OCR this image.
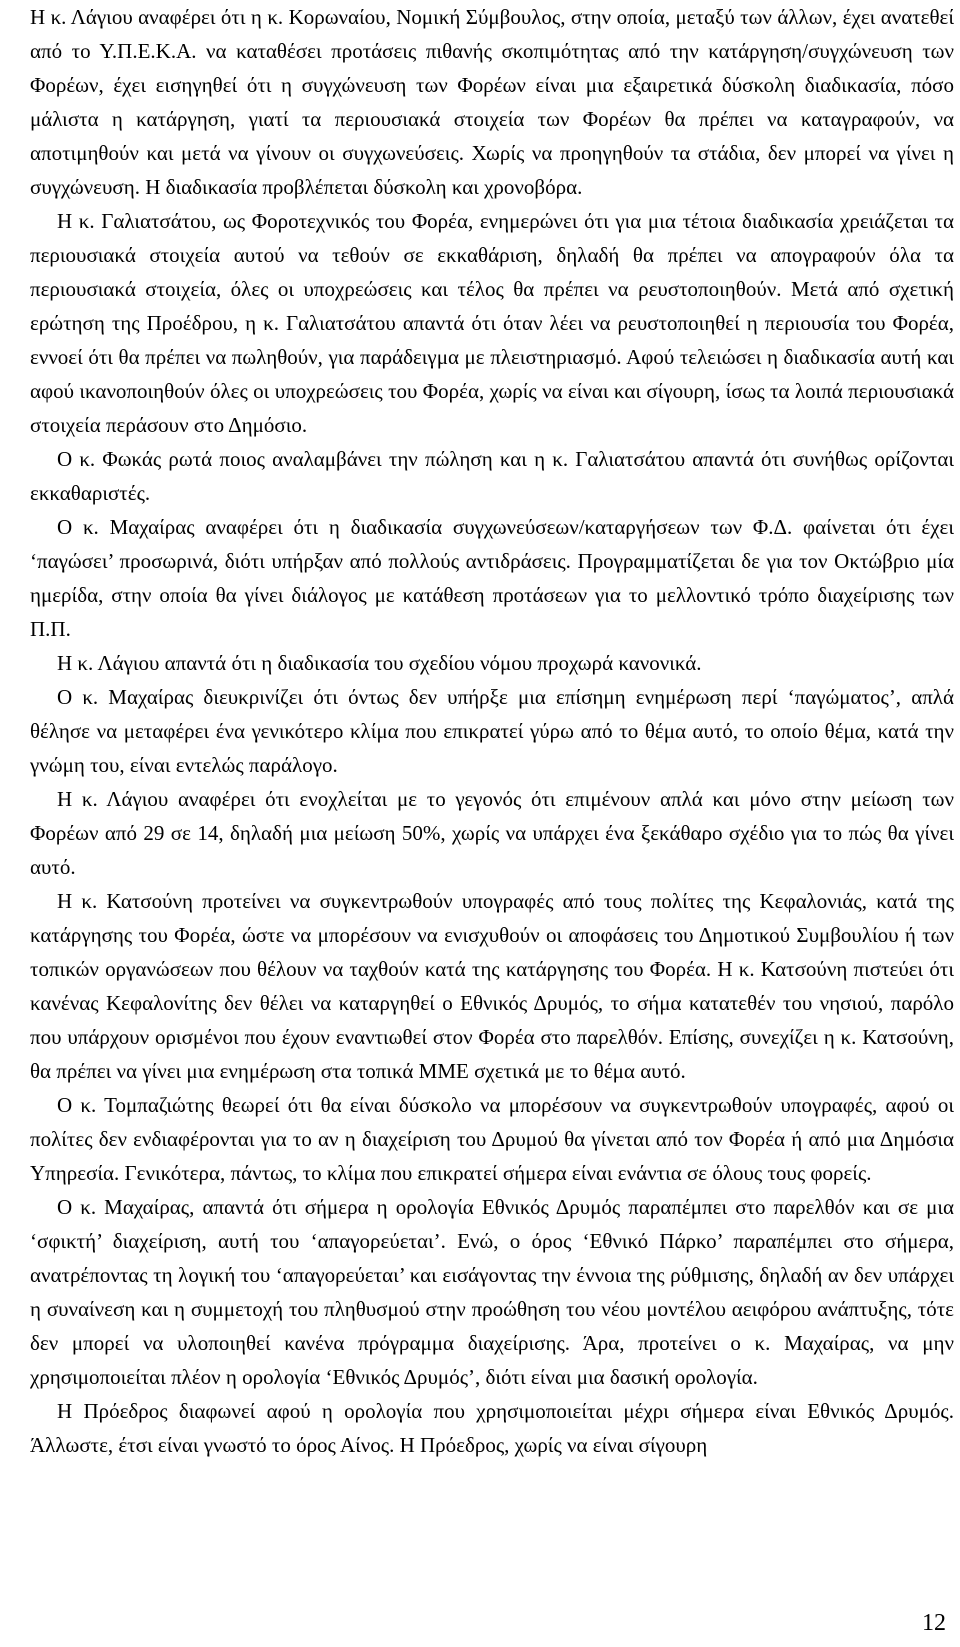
Η κ. Λάγιου αναφέρει ότι η κ. Κορωναίου, Νομική Σύμβουλος, στην οποία, μεταξύ των άλλων, έχει ανατεθεί από το Υ.Π.Ε.Κ.Α. να καταθέσει προτάσεις πιθανής σκοπιμότητας από την κατάργηση/συγχώνευση των Φορέων, έχει εισηγηθεί ότι η συγχώνευση των Φορέων είναι μια εξαιρετικά δύσκολη διαδικασία, πόσο μάλιστα η κατάργηση, γιατί τα περιουσιακά στοιχεία των Φορέων θα πρέπει να καταγραφούν, να αποτιμηθούν και μετά να γίνουν οι συγχωνεύσεις. Χωρίς να προηγηθούν τα στάδια, δεν μπορεί να γίνει η συγχώνευση. Η διαδικασία προβλέπεται δύσκολη και χρονοβόρα.

Η κ. Γαλιατσάτου, ως Φοροτεχνικός του Φορέα, ενημερώνει ότι για μια τέτοια διαδικασία χρειάζεται τα περιουσιακά στοιχεία αυτού να τεθούν σε εκκαθάριση, δηλαδή θα πρέπει να απογραφούν όλα τα περιουσιακά στοιχεία, όλες οι υποχρεώσεις και τέλος θα πρέπει να ρευστοποιηθούν. Μετά από σχετική ερώτηση της Προέδρου, η κ. Γαλιατσάτου απαντά ότι όταν λέει να ρευστοποιηθεί η περιουσία του Φορέα, εννοεί ότι θα πρέπει να πωληθούν, για παράδειγμα με πλειστηριασμό. Αφού τελειώσει η διαδικασία αυτή και αφού ικανοποιηθούν όλες οι υποχρεώσεις του Φορέα, χωρίς να είναι και σίγουρη, ίσως τα λοιπά περιουσιακά στοιχεία περάσουν στο Δημόσιο.

Ο κ. Φωκάς ρωτά ποιος αναλαμβάνει την πώληση και η κ. Γαλιατσάτου απαντά ότι συνήθως ορίζονται εκκαθαριστές.

Ο κ. Μαχαίρας αναφέρει ότι η διαδικασία συγχωνεύσεων/καταργήσεων των Φ.Δ. φαίνεται ότι έχει ‘παγώσει’ προσωρινά, διότι υπήρξαν από πολλούς αντιδράσεις. Προγραμματίζεται δε για τον Οκτώβριο μία ημερίδα, στην οποία θα γίνει διάλογος με κατάθεση προτάσεων για το μελλοντικό τρόπο διαχείρισης των Π.Π.

Η κ. Λάγιου απαντά ότι η διαδικασία του σχεδίου νόμου προχωρά κανονικά.

Ο κ. Μαχαίρας διευκρινίζει ότι όντως δεν υπήρξε μια επίσημη ενημέρωση περί ‘παγώματος’, απλά θέλησε να μεταφέρει ένα γενικότερο κλίμα που επικρατεί γύρω από το θέμα αυτό, το οποίο θέμα, κατά την γνώμη του, είναι εντελώς παράλογο.

Η κ. Λάγιου αναφέρει ότι ενοχλείται με το γεγονός ότι επιμένουν απλά και μόνο στην μείωση των Φορέων από 29 σε 14, δηλαδή μια μείωση 50%, χωρίς να υπάρχει ένα ξεκάθαρο σχέδιο για το πώς θα γίνει αυτό.

Η κ. Κατσούνη προτείνει να συγκεντρωθούν υπογραφές από τους πολίτες της Κεφαλονιάς, κατά της κατάργησης του Φορέα, ώστε να μπορέσουν να ενισχυθούν οι αποφάσεις του Δημοτικού Συμβουλίου ή των τοπικών οργανώσεων που θέλουν να ταχθούν κατά της κατάργησης του Φορέα. Η κ. Κατσούνη πιστεύει ότι κανένας Κεφαλονίτης δεν θέλει να καταργηθεί ο Εθνικός Δρυμός, το σήμα κατατεθέν του νησιού, παρόλο που υπάρχουν ορισμένοι που έχουν εναντιωθεί στον Φορέα στο παρελθόν. Επίσης, συνεχίζει η κ. Κατσούνη, θα πρέπει να γίνει μια ενημέρωση στα τοπικά ΜΜΕ σχετικά με το θέμα αυτό.

Ο κ. Τομπαζιώτης θεωρεί ότι θα είναι δύσκολο να μπορέσουν να συγκεντρωθούν υπογραφές, αφού οι πολίτες δεν ενδιαφέρονται για το αν η διαχείριση του Δρυμού θα γίνεται από τον Φορέα ή από μια Δημόσια Υπηρεσία. Γενικότερα, πάντως, το κλίμα που επικρατεί σήμερα είναι ενάντια σε όλους τους φορείς.

Ο κ. Μαχαίρας, απαντά ότι σήμερα η ορολογία Εθνικός Δρυμός παραπέμπει στο παρελθόν και σε μια ‘σφικτή’ διαχείριση, αυτή του ‘απαγορεύεται’. Ενώ, ο όρος ‘Εθνικό Πάρκο’ παραπέμπει στο σήμερα, ανατρέποντας τη λογική του ‘απαγορεύεται’ και εισάγοντας την έννοια της ρύθμισης, δηλαδή αν δεν υπάρχει η συναίνεση και η συμμετοχή του πληθυσμού στην προώθηση του νέου μοντέλου αειφόρου ανάπτυξης, τότε δεν μπορεί να υλοποιηθεί κανένα πρόγραμμα διαχείρισης. Άρα, προτείνει ο κ. Μαχαίρας, να μην χρησιμοποιείται πλέον η ορολογία ‘Εθνικός Δρυμός’, διότι είναι μια δασική ορολογία.

Η Πρόεδρος διαφωνεί αφού η ορολογία που χρησιμοποιείται μέχρι σήμερα είναι Εθνικός Δρυμός. Άλλωστε, έτσι είναι γνωστό το όρος Αίνος. Η Πρόεδρος, χωρίς να είναι σίγουρη

12
